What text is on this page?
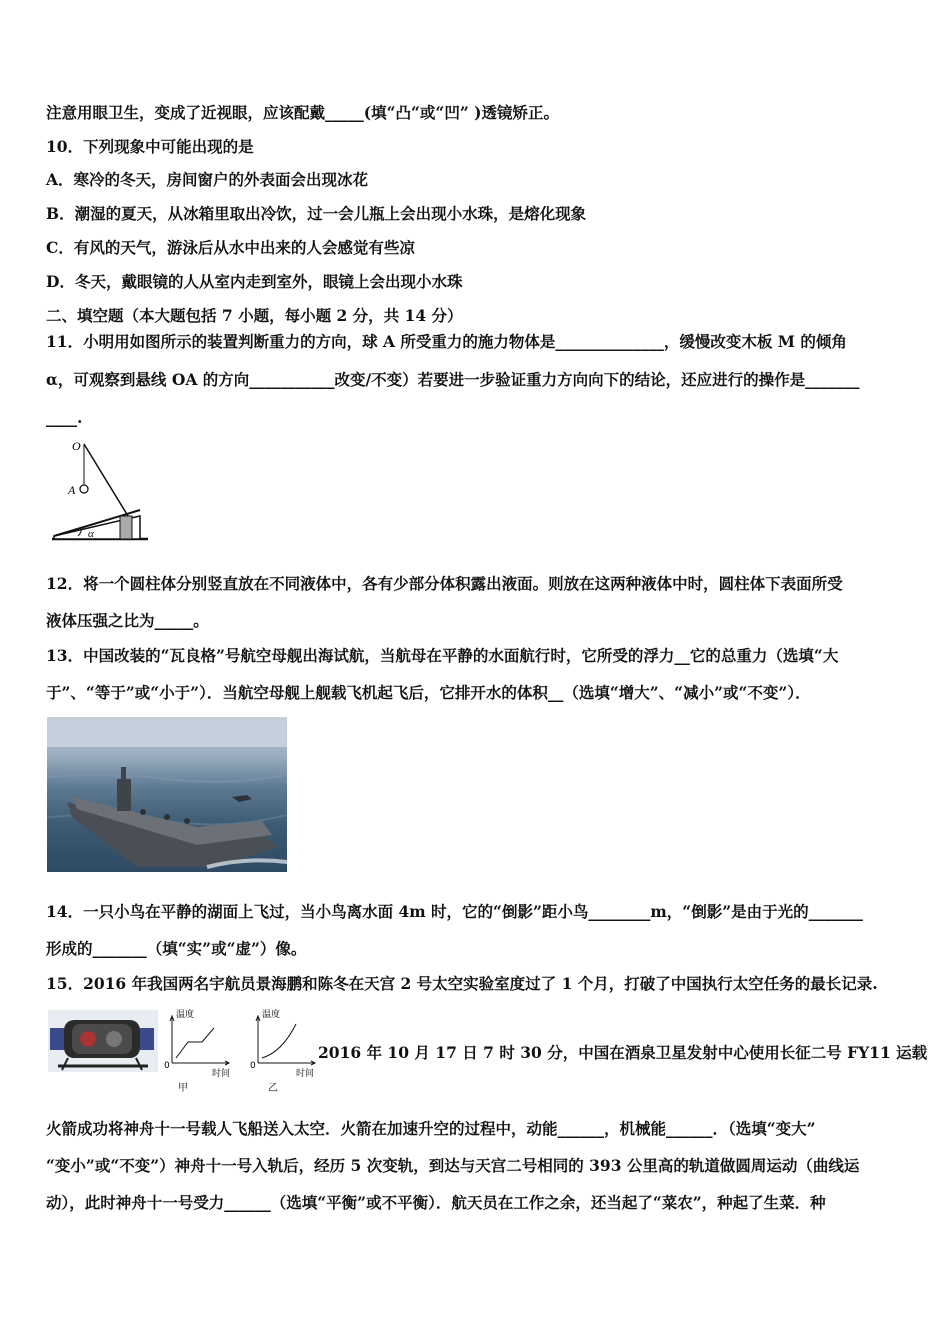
注意用眼卫生，变成了近视眼，应该配戴_____(填“凸“或“凹” )透镜矫正。
10．下列现象中可能出现的是
A．寒冷的冬天，房间窗户的外表面会出现冰花
B．潮湿的夏天，从冰箱里取出冷饮，过一会儿瓶上会出现小水珠，是熔化现象
C．有风的天气，游泳后从水中出来的人会感觉有些凉
D．冬天，戴眼镜的人从室内走到室外，眼镜上会出现小水珠
二、填空题（本大题包括 7 小题，每小题 2 分，共 14 分）
11．小明用如图所示的装置判断重力的方向，球 A 所受重力的施力物体是______________，缓慢改变木板 M 的倾角
α，可观察到悬线 OA 的方向___________改变/不变）若要进一步验证重力方向向下的结论，还应进行的操作是_______
____.
O
A
α
12．将一个圆柱体分别竖直放在不同液体中，各有少部分体积露出液面。则放在这两种液体中时，圆柱体下表面所受
液体压强之比为_____。
13．中国改装的“瓦良格”号航空母舰出海试航，当航母在平静的水面航行时，它所受的浮力__它的总重力（选填“大
于”、“等于”或“小于”）．当航空母舰上舰载飞机起飞后，它排开水的体积__（选填“增大”、“减小”或“不变”）．
14．一只小鸟在平静的湖面上飞过，当小鸟离水面 4m 时，它的“倒影”距小鸟________m，“倒影”是由于光的_______
形成的_______（填“实”或“虚”）像。
15．2016 年我国两名宇航员景海鹏和陈冬在天宫 2 号太空实验室度过了 1 个月，打破了中国执行太空任务的最长记录.
温度
0
时间
甲
温度
0
时间
乙
2016 年 10 月 17 日 7 时 30 分，中国在酒泉卫星发射中心使用长征二号 FY11 运载
火箭成功将神舟十一号载人飞船送入太空．火箭在加速升空的过程中，动能______，机械能______．（选填“变大”
“变小”或“不变”）神舟十一号入轨后，经历 5 次变轨，到达与天宫二号相同的 393 公里高的轨道做圆周运动（曲线运
动），此时神舟十一号受力______（选填“平衡”或不平衡）．航天员在工作之余，还当起了“菜农”，种起了生菜．种
